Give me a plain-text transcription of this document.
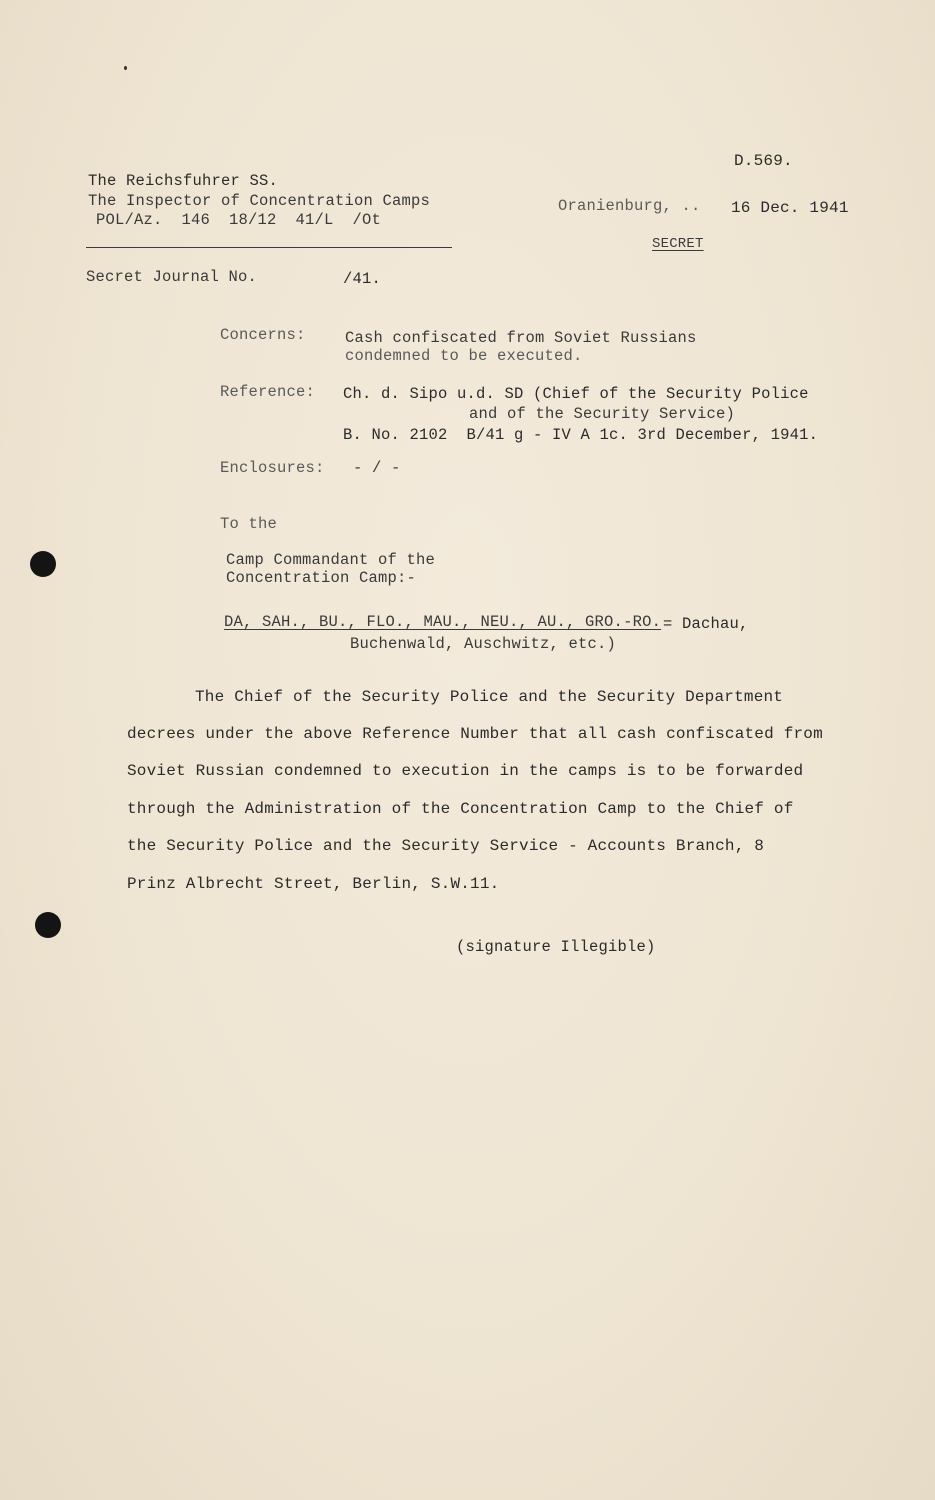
D.569.
The Reichsfuhrer SS.
The Inspector of Concentration Camps
POL/Az.  146  18/12  41/L  /Ot
Oranienburg, .. 16 Dec. 1941
SECRET
Secret Journal No.	/41.
Concerns:	Cash confiscated from Soviet Russians
condemned to be executed.
Reference: Ch. d. Sipo u.d. SD (Chief of the Security Police
and of the Security Service)
B. No. 2102  B/41 g - IV A 1c. 3rd December, 1941.
Enclosures: - / -
To the
Camp Commandant of the
Concentration Camp:-
DA, SAH., BU., FLO., MAU., NEU., AU., GRO.-RO. = Dachau,
Buchenwald, Auschwitz, etc.)
The Chief of the Security Police and the Security Department
decrees under the above Reference Number that all cash confiscated from
Soviet Russian condemned to execution in the camps is to be forwarded
through the Administration of the Concentration Camp to the Chief of
the Security Police and the Security Service - Accounts Branch, 8
Prinz Albrecht Street, Berlin, S.W.11.
(signature Illegible)
